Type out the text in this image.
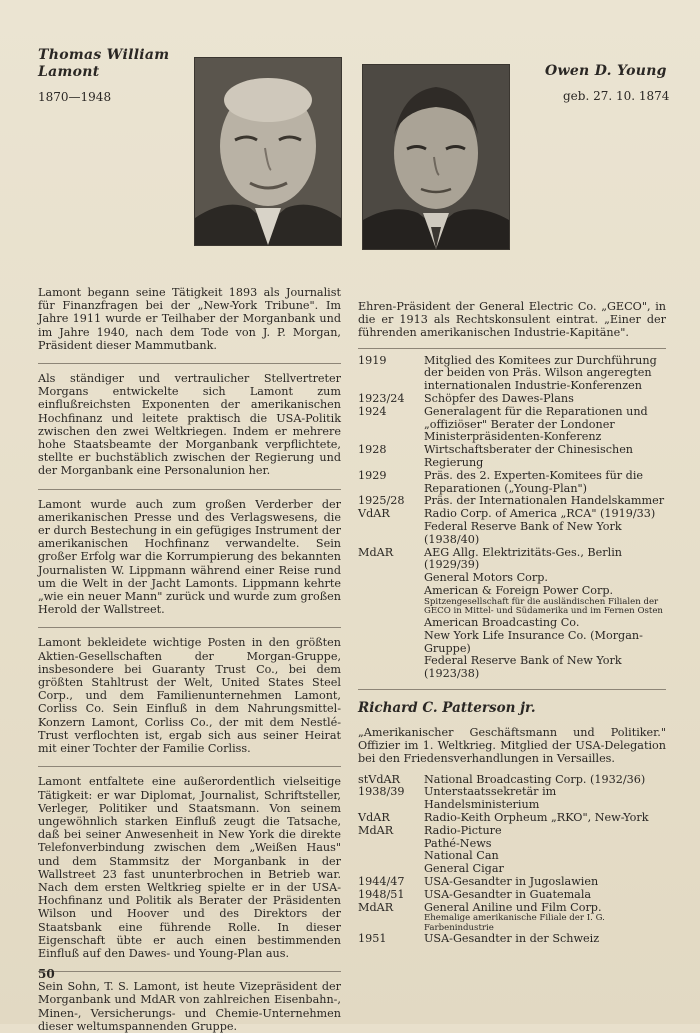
Thomas William
Lamont
1870—1948
Owen D. Young
geb. 27. 10. 1874

Lamont begann seine Tätigkeit 1893 als Journalist für Finanzfragen bei der „New-York Tribune". Im Jahre 1911 wurde er Teilhaber der Morganbank und im Jahre 1940, nach dem Tode von J. P. Morgan, Präsident dieser Mammutbank.

Als ständiger und vertraulicher Stellvertreter Morgans entwickelte sich Lamont zum einflußreichsten Exponenten der amerikanischen Hochfinanz und leitete praktisch die USA-Politik zwischen den zwei Weltkriegen. Indem er mehrere hohe Staatsbeamte der Morganbank verpflichtete, stellte er buchstäblich zwischen der Regierung und der Morganbank eine Personalunion her.

Lamont wurde auch zum großen Verderber der amerikanischen Presse und des Verlagswesens, die er durch Bestechung in ein gefügiges Instrument der amerikanischen Hochfinanz verwandelte. Sein großer Erfolg war die Korrumpierung des bekannten Journalisten W. Lippmann während einer Reise rund um die Welt in der Jacht Lamonts. Lippmann kehrte „wie ein neuer Mann" zurück und wurde zum großen Herold der Wallstreet.

Lamont bekleidete wichtige Posten in den größten Aktien-Gesellschaften der Morgan-Gruppe, insbesondere bei Guaranty Trust Co., bei dem größten Stahltrust der Welt, United States Steel Corp., und dem Familienunternehmen Lamont, Corliss Co. Sein Einfluß in dem Nahrungsmittel-Konzern Lamont, Corliss Co., der mit dem Nestlé-Trust verflochten ist, ergab sich aus seiner Heirat mit einer Tochter der Familie Corliss.

Lamont entfaltete eine außerordentlich vielseitige Tätigkeit: er war Diplomat, Journalist, Schriftsteller, Verleger, Politiker und Staatsmann. Von seinem ungewöhnlich starken Einfluß zeugt die Tatsache, daß bei seiner Anwesenheit in New York die direkte Telefonverbindung zwischen dem „Weißen Haus" und dem Stammsitz der Morganbank in der Wallstreet 23 fast ununterbrochen in Betrieb war. Nach dem ersten Weltkrieg spielte er in der USA-Hochfinanz und Politik als Berater der Präsidenten Wilson und Hoover und des Direktors der Staatsbank eine führende Rolle. In dieser Eigenschaft übte er auch einen bestimmenden Einfluß auf den Dawes- und Young-Plan aus.

Sein Sohn, T. S. Lamont, ist heute Vizepräsident der Morganbank und MdAR von zahlreichen Eisenbahn-, Minen-, Versicherungs- und Chemie-Unternehmen dieser weltumspannenden Gruppe.

Ehren-Präsident der General Electric Co. „GECO", in die er 1913 als Rechtskonsulent eintrat. „Einer der führenden amerikanischen Industrie-Kapitäne".

1919	Mitglied des Komitees zur Durchführung der beiden von Präs. Wilson angeregten internationalen Industrie-Konferenzen
1923/24	Schöpfer des Dawes-Plans
1924	Generalagent für die Reparationen und „offiziöser" Berater der Londoner Ministerpräsidenten-Konferenz
1928	Wirtschaftsberater der Chinesischen Regierung
1929	Präs. des 2. Experten-Komitees für die Reparationen („Young-Plan")
1925/28	Präs. der Internationalen Handelskammer
VdAR	Radio Corp. of America „RCA" (1919/33)
Federal Reserve Bank of New York (1938/40)
MdAR	AEG Allg. Elektrizitäts-Ges., Berlin (1929/39)
General Motors Corp.
American & Foreign Power Corp.
Spitzengesellschaft für die ausländischen Filialen der GECO in Mittel- und Südamerika und im Fernen Osten
American Broadcasting Co.
New York Life Insurance Co. (Morgan-Gruppe)
Federal Reserve Bank of New York (1923/38)
Richard C. Patterson jr.

„Amerikanischer Geschäftsmann und Politiker." Offizier im 1. Weltkrieg. Mitglied der USA-Delegation bei den Friedensverhandlungen in Versailles.

stVdAR	National Broadcasting Corp. (1932/36)
1938/39	Unterstaatssekretär im Handelsministerium
VdAR	Radio-Keith Orpheum „RKO", New-York
MdAR	Radio-Picture
Pathé-News
National Can
General Cigar
1944/47	USA-Gesandter in Jugoslawien
1948/51	USA-Gesandter in Guatemala
MdAR	General Aniline und Film Corp.
Ehemalige amerikanische Filiale der I. G. Farbenindustrie
1951	USA-Gesandter in der Schweiz
50
